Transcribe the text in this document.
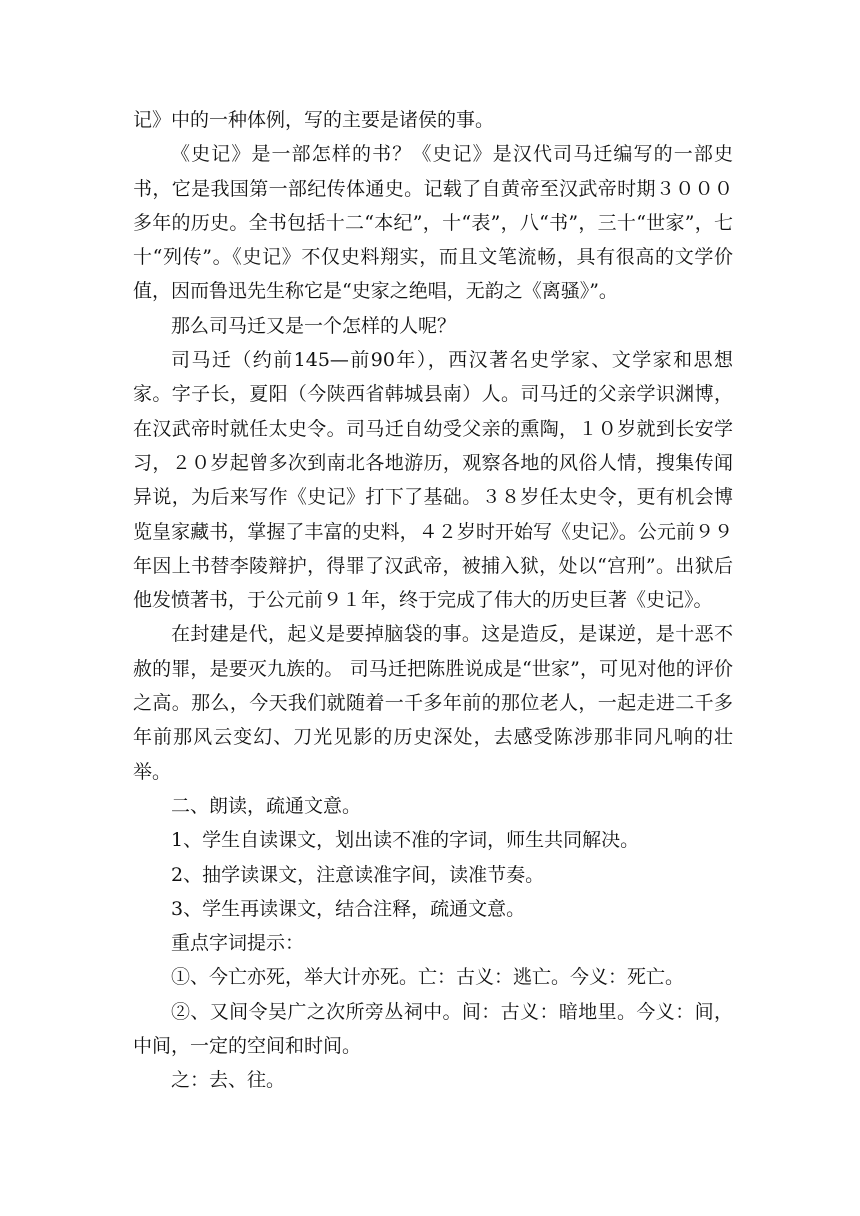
记》中的一种体例，写的主要是诸侯的事。

《史记》是一部怎样的书？《史记》是汉代司马迁编写的一部史书，它是我国第一部纪传体通史。记载了自黄帝至汉武帝时期３０００多年的历史。全书包括十二“本纪”，十“表”，八“书”，三十“世家”，七十“列传”。《史记》不仅史料翔实，而且文笔流畅，具有很高的文学价值，因而鲁迅先生称它是“史家之绝唱，无韵之《离骚》”。

那么司马迁又是一个怎样的人呢？

司马迁（约前145—前90年），西汉著名史学家、文学家和思想家。字子长，夏阳（今陕西省韩城县南）人。司马迁的父亲学识渊博，在汉武帝时就任太史令。司马迁自幼受父亲的熏陶，１０岁就到长安学习，２０岁起曾多次到南北各地游历，观察各地的风俗人情，搜集传闻异说，为后来写作《史记》打下了基础。３８岁任太史令，更有机会博览皇家藏书，掌握了丰富的史料，４２岁时开始写《史记》。公元前９９年因上书替李陵辩护，得罪了汉武帝，被捕入狱，处以“宫刑”。出狱后他发愤著书，于公元前９１年，终于完成了伟大的历史巨著《史记》。

在封建是代，起义是要掉脑袋的事。这是造反，是谋逆，是十恶不赦的罪，是要灭九族的。 司马迁把陈胜说成是“世家”，可见对他的评价之高。那么，今天我们就随着一千多年前的那位老人，一起走进二千多年前那风云变幻、刀光见影的历史深处，去感受陈涉那非同凡响的壮举。

二、朗读，疏通文意。

1、学生自读课文，划出读不准的字词，师生共同解决。

2、抽学读课文，注意读准字间，读准节奏。

3、学生再读课文，结合注释，疏通文意。

重点字词提示：

①、今亡亦死，举大计亦死。亡：古义：逃亡。今义：死亡。

②、又间令吴广之次所旁丛祠中。间：古义：暗地里。今义：间，中间，一定的空间和时间。

之：去、往。
